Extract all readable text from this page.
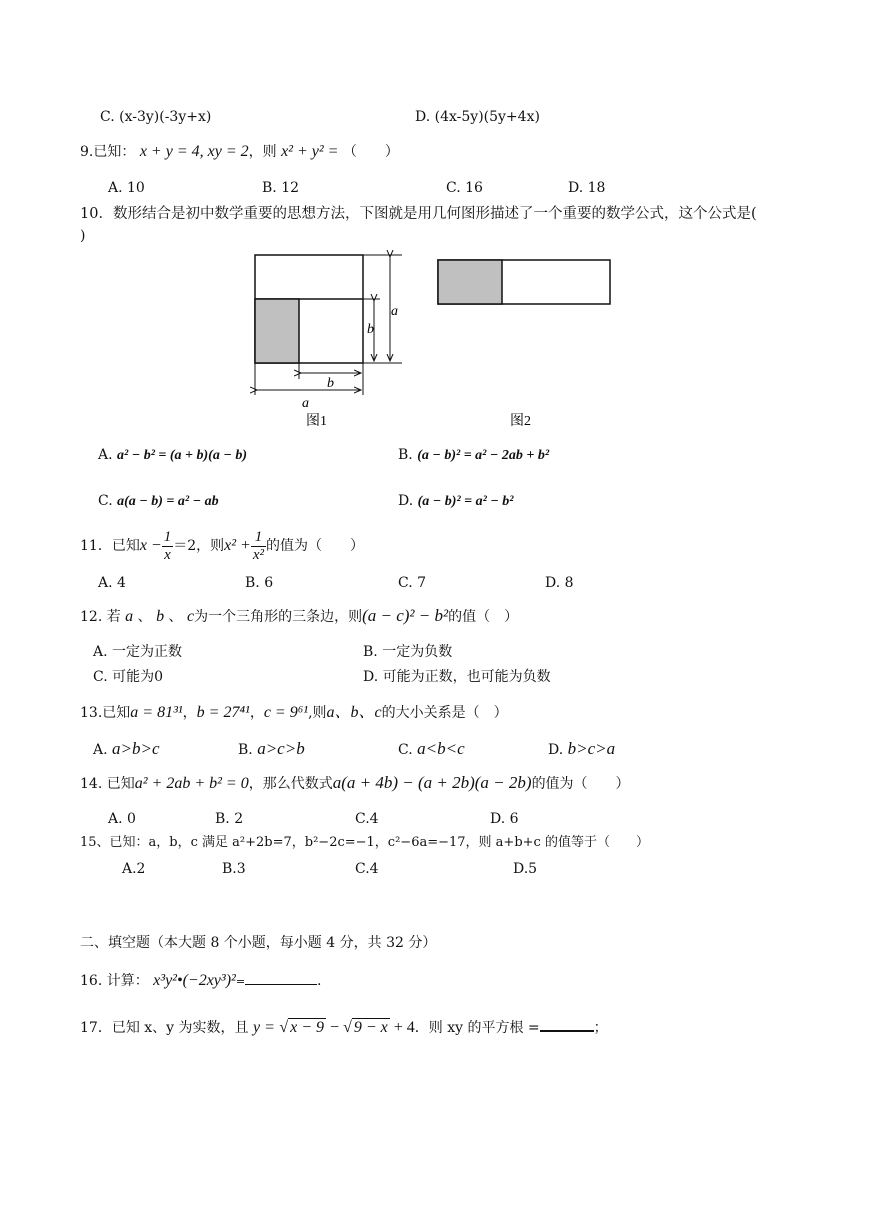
C. (x-3y)(-3y+x)	D. (4x-5y)(5y+4x)
9.已知： x + y = 4, xy = 2，则 x² + y² = （　　）
A. 10	B. 12	C. 16	D. 18
10．数形结合是初中数学重要的思想方法，下图就是用几何图形描述了一个重要的数学公式，这个公式是(
)
a
b
b
a
图1	图2
A. a² − b² = (a + b)(a − b)	B. (a − b)² = a² − 2ab + b²
C. a(a − b) = a² − ab	D. (a − b)² = a² − b²
11．已知$x - \frac{1}{x} =2$，则$x^2 + \frac{1}{\text{x²}}$ 的值为（　　）
A. 4	B. 6	C. 7	D. 8
12. 若 a 、 b 、 c为一个三角形的三条边，则(a − c)² − b²的值（　）
A. 一定为正数	B. 一定为负数
C. 可能为0	D. 可能为正数，也可能为负数
13.已知a = 81³¹，b = 27⁴¹，c = 9⁶¹,则a、b、c的大小关系是（　）
A. a>b>c	B. a>c>b	C. a<b<c	D. b>c>a
14. 已知a² + 2ab + b² = 0，那么代数式a(a + 4b) − (a + 2b)(a − 2b)的值为（　　）
A. 0	B. 2	C.4	D. 6
15、已知：a，b，c 满足 a²+2b=7，b²−2c=−1，c²−6a=−17，则 a+b+c 的值等于（　　）
A.2	B.3	C.4	D.5
二、填空题（本大题 8 个小题，每小题 4 分，共 32 分）
16. 计算： x³y²•(−2xy³)²=	.
17．已知 x、y 为实数，且 y = √ x − 9 − √ 9 − x + 4．则 xy 的平方根 =	；
